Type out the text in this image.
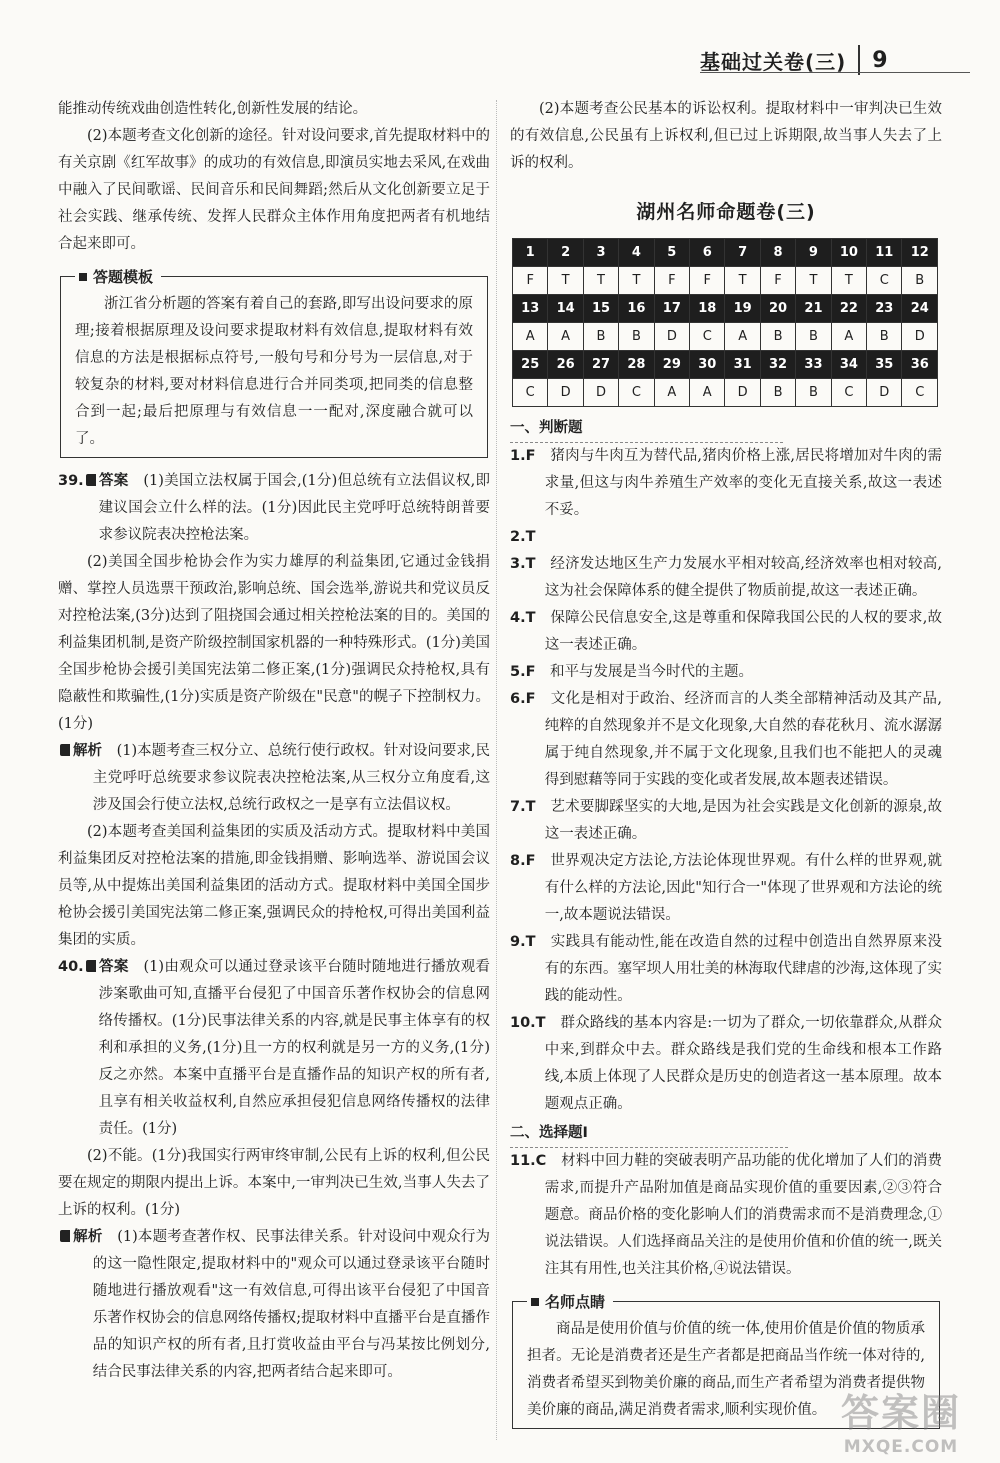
基础过关卷(三) 9

能推动传统戏曲创造性转化,创新性发展的结论。

(2)本题考查文化创新的途径。针对设问要求,首先提取材料中的有关京剧《红军故事》的成功的有效信息,即演员实地去采风,在戏曲中融入了民间歌谣、民间音乐和民间舞蹈;然后从文化创新要立足于社会实践、继承传统、发挥人民群众主体作用角度把两者有机地结合起来即可。

答题模板

浙江省分析题的答案有着自己的套路,即写出设问要求的原理;接着根据原理及设问要求提取材料有效信息,提取材料有效信息的方法是根据标点符号,一般句号和分号为一层信息,对于较复杂的材料,要对材料信息进行合并同类项,把同类的信息整合到一起;最后把原理与有效信息一一配对,深度融合就可以了。

39. 答案　 (1)美国立法权属于国会,(1分)但总统有立法倡议权,即建议国会立什么样的法。(1分)因此民主党呼吁总统特朗普要求参议院表决控枪法案。

(2)美国全国步枪协会作为实力雄厚的利益集团,它通过金钱捐赠、掌控人员选票干预政治,影响总统、国会选举,游说共和党议员反对控枪法案,(3分)达到了阻挠国会通过相关控枪法案的目的。美国的利益集团机制,是资产阶级控制国家机器的一种特殊形式。(1分)美国全国步枪协会援引美国宪法第二修正案,(1分)强调民众持枪权,具有隐蔽性和欺骗性,(1分)实质是资产阶级在"民意"的幌子下控制权力。(1分)

解析　 (1)本题考查三权分立、总统行使行政权。针对设问要求,民主党呼吁总统要求参议院表决控枪法案,从三权分立角度看,这涉及国会行使立法权,总统行政权之一是享有立法倡议权。

(2)本题考查美国利益集团的实质及活动方式。提取材料中美国利益集团反对控枪法案的措施,即金钱捐赠、影响选举、游说国会议员等,从中提炼出美国利益集团的活动方式。提取材料中美国全国步枪协会援引美国宪法第二修正案,强调民众的持枪权,可得出美国利益集团的实质。

40. 答案　 (1)由观众可以通过登录该平台随时随地进行播放观看涉案歌曲可知,直播平台侵犯了中国音乐著作权协会的信息网络传播权。(1分)民事法律关系的内容,就是民事主体享有的权利和承担的义务,(1分)且一方的权利就是另一方的义务,(1分)反之亦然。本案中直播平台是直播作品的知识产权的所有者,且享有相关收益权利,自然应承担侵犯信息网络传播权的法律责任。(1分)

(2)不能。(1分)我国实行两审终审制,公民有上诉的权利,但公民要在规定的期限内提出上诉。本案中,一审判决已生效,当事人失去了上诉的权利。(1分)

解析　 (1)本题考查著作权、民事法律关系。针对设问中观众行为的这一隐性限定,提取材料中的"观众可以通过登录该平台随时随地进行播放观看"这一有效信息,可得出该平台侵犯了中国音乐著作权协会的信息网络传播权;提取材料中直播平台是直播作品的知识产权的所有者,且打赏收益由平台与冯某按比例划分,结合民事法律关系的内容,把两者结合起来即可。

(2)本题考查公民基本的诉讼权利。提取材料中一审判决已生效的有效信息,公民虽有上诉权利,但已过上诉期限,故当事人失去了上诉的权利。

湖州名师命题卷(三)
1	2	3	4	5	6	7	8	9	10	11	12
F	T	T	T	F	F	T	F	T	T	C	B
13	14	15	16	17	18	19	20	21	22	23	24
A	A	B	B	D	C	A	B	B	A	B	D
25	26	27	28	29	30	31	32	33	34	35	36
C	D	D	C	A	A	D	B	B	C	D	C
一、判断题

1.F　 猪肉与牛肉互为替代品,猪肉价格上涨,居民将增加对牛肉的需求量,但这与肉牛养殖生产效率的变化无直接关系,故这一表述不妥。

2.T　

3.T　 经济发达地区生产力发展水平相对较高,经济效率也相对较高,这为社会保障体系的健全提供了物质前提,故这一表述正确。

4.T　 保障公民信息安全,这是尊重和保障我国公民的人权的要求,故这一表述正确。

5.F　 和平与发展是当今时代的主题。

6.F　 文化是相对于政治、经济而言的人类全部精神活动及其产品,纯粹的自然现象并不是文化现象,大自然的春花秋月、流水潺潺属于纯自然现象,并不属于文化现象,且我们也不能把人的灵魂得到慰藉等同于实践的变化或者发展,故本题表述错误。

7.T　 艺术要脚踩坚实的大地,是因为社会实践是文化创新的源泉,故这一表述正确。

8.F　 世界观决定方法论,方法论体现世界观。有什么样的世界观,就有什么样的方法论,因此"知行合一"体现了世界观和方法论的统一,故本题说法错误。

9.T　 实践具有能动性,能在改造自然的过程中创造出自然界原来没有的东西。塞罕坝人用壮美的林海取代肆虐的沙海,这体现了实践的能动性。

10.T　 群众路线的基本内容是:一切为了群众,一切依靠群众,从群众中来,到群众中去。群众路线是我们党的生命线和根本工作路线,本质上体现了人民群众是历史的创造者这一基本原理。故本题观点正确。

二、选择题Ⅰ

11.C　 材料中回力鞋的突破表明产品功能的优化增加了人们的消费需求,而提升产品附加值是商品实现价值的重要因素,②③符合题意。商品价格的变化影响人们的消费需求而不是消费理念,①说法错误。人们选择商品关注的是使用价值和价值的统一,既关注其有用性,也关注其价格,④说法错误。

名师点睛

商品是使用价值与价值的统一体,使用价值是价值的物质承担者。无论是消费者还是生产者都是把商品当作统一体对待的,消费者希望买到物美价廉的商品,而生产者希望为消费者提供物美价廉的商品,满足消费者需求,顺利实现价值。 答案圈
MXQE.COM
